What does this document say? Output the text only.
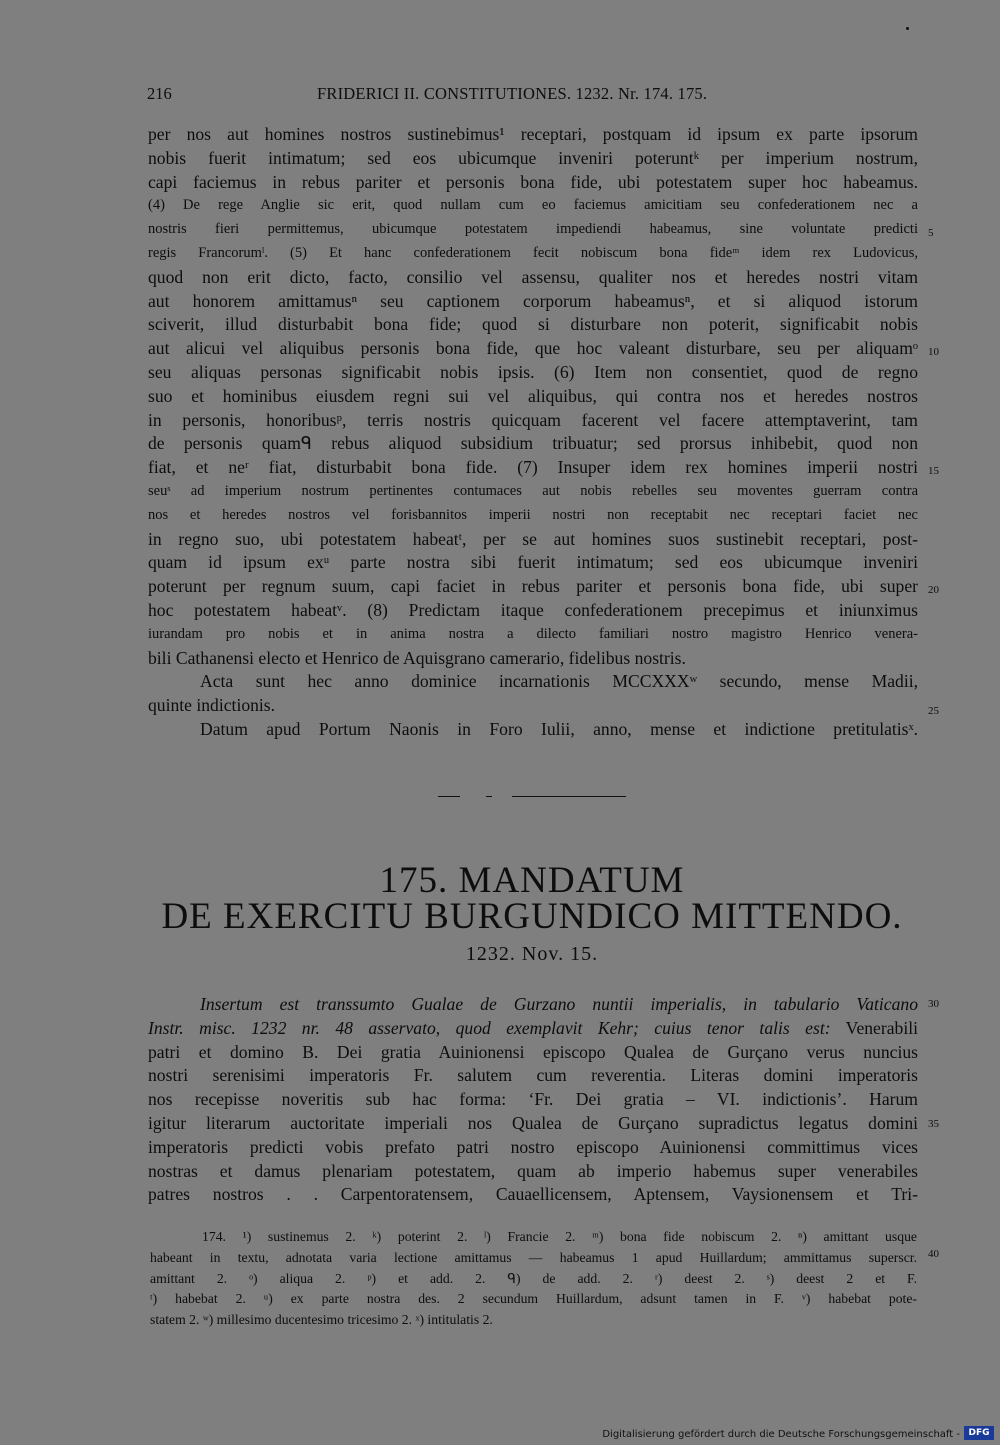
216	FRIDERICI II. CONSTITUTIONES. 1232. Nr. 174. 175.
per nos aut homines nostros sustinebimus¹ receptari, postquam id ipsum ex parte ipsorum
nobis fuerit intimatum; sed eos ubicumque inveniri poteruntᵏ per imperium nostrum,
capi faciemus in rebus pariter et personis bona fide, ubi potestatem super hoc habeamus.
(4) De rege Anglie sic erit, quod nullam cum eo faciemus amicitiam seu confederationem nec a
nostris fieri permittemus, ubicumque potestatem impediendi habeamus, sine voluntate predicti
regis Francorumˡ. (5) Et hanc confederationem fecit nobiscum bona fideᵐ idem rex Ludovicus,
quod non erit dicto, facto, consilio vel assensu, qualiter nos et heredes nostri vitam
aut honorem amittamusⁿ seu captionem corporum habeamusⁿ, et si aliquod istorum
sciverit, illud disturbabit bona fide; quod si disturbare non poterit, significabit nobis
aut alicui vel aliquibus personis bona fide, que hoc valeant disturbare, seu per aliquamᵒ
seu aliquas personas significabit nobis ipsis. (6) Item non consentiet, quod de regno
suo et hominibus eiusdem regni sui vel aliquibus, qui contra nos et heredes nostros
in personis, honoribusᵖ, terris nostris quicquam facerent vel facere attemptaverint, tam
de personis quamᑫ rebus aliquod subsidium tribuatur; sed prorsus inhibebit, quod non
fiat, et neʳ fiat, disturbabit bona fide. (7) Insuper idem rex homines imperii nostri
seuˢ ad imperium nostrum pertinentes contumaces aut nobis rebelles seu moventes guerram contra
nos et heredes nostros vel forisbannitos imperii nostri non receptabit nec receptari faciet nec
in regno suo, ubi potestatem habeatᵗ, per se aut homines suos sustinebit receptari, post-
quam id ipsum exᵘ parte nostra sibi fuerit intimatum; sed eos ubicumque inveniri
poterunt per regnum suum, capi faciet in rebus pariter et personis bona fide, ubi super
hoc potestatem habeatᵛ. (8) Predictam itaque confederationem precepimus et iniunximus
iurandam pro nobis et in anima nostra a dilecto familiari nostro magistro Henrico venera-
bili Cathanensi electo et Henrico de Aquisgrano camerario, fidelibus nostris.
Acta sunt hec anno dominice incarnationis MCCXXXʷ secundo, mense Madii,
quinte indictionis.
Datum apud Portum Naonis in Foro Iulii, anno, mense et indictione pretitulatisˣ.
5
10
15
20
25
30
35
40
175. MANDATUM
DE EXERCITU BURGUNDICO MITTENDO.
1232. Nov. 15.
Insertum est transsumto Gualae de Gurzano nuntii imperialis, in tabulario Vaticano
Instr. misc. 1232 nr. 48 asservato, quod exemplavit Kehr; cuius tenor talis est: Venerabili
patri et domino B. Dei gratia Auinionensi episcopo Qualea de Gurçano verus nuncius
nostri serenisimi imperatoris Fr. salutem cum reverentia. Literas domini imperatoris
nos recepisse noveritis sub hac forma: ‘Fr. Dei gratia – VI. indictionis’. Harum
igitur literarum auctoritate imperiali nos Qualea de Gurçano supradictus legatus domini
imperatoris predicti vobis prefato patri nostro episcopo Auinionensi committimus vices
nostras et damus plenariam potestatem, quam ab imperio habemus super venerabiles
patres nostros . . Carpentoratensem, Cauaellicensem, Aptensem, Vaysionensem et Tri-
174. ¹) sustinemus 2. ᵏ) poterint 2. ˡ) Francie 2. ᵐ) bona fide nobiscum 2. ⁿ) amittant usque
habeant in textu, adnotata varia lectione amittamus — habeamus 1 apud Huillardum; ammittamus superscr.
amittant 2. ᵒ) aliqua 2. ᵖ) et add. 2. ᑫ) de add. 2. ʳ) deest 2. ˢ) deest 2 et F.
ᵗ) habebat 2. ᵘ) ex parte nostra des. 2 secundum Huillardum, adsunt tamen in F. ᵛ) habebat pote-
statem 2. ʷ) millesimo ducentesimo tricesimo 2. ˣ) intitulatis 2.
Digitalisierung gefördert durch die Deutsche Forschungsgemeinschaft - DFG
